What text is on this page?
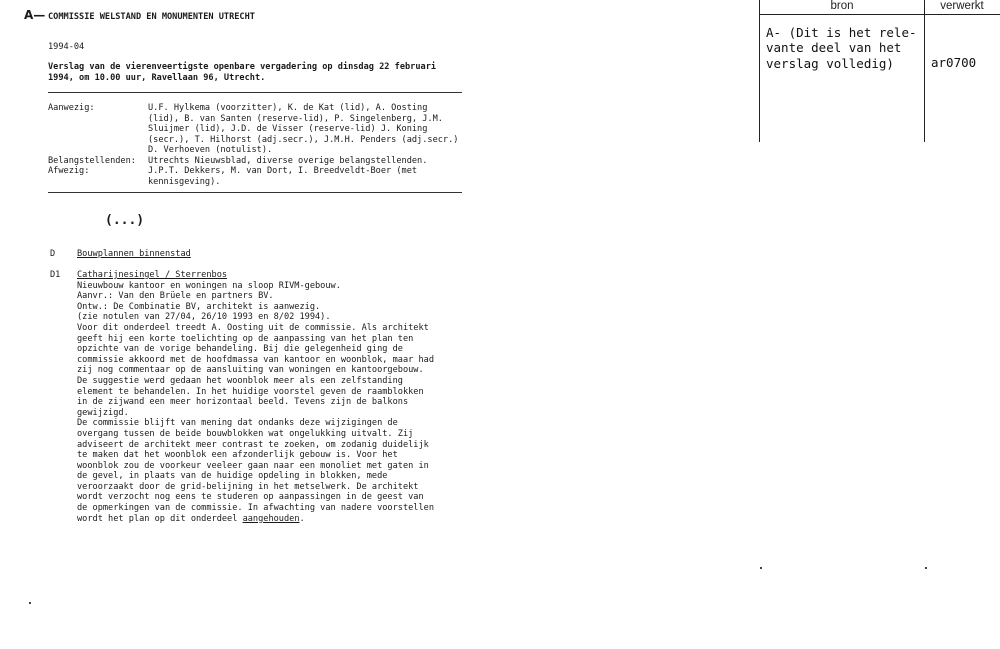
A— COMMISSIE WELSTAND EN MONUMENTEN UTRECHT
1994-04
Verslag van de vierenveertigste openbare vergadering op dinsdag 22 februari
1994, om 10.00 uur, Ravellaan 96, Utrecht.
Aanwezig:	U.F. Hylkema (voorzitter), K. de Kat (lid), A. Oosting
(lid), B. van Santen (reserve-lid), P. Singelenberg, J.M.
Sluijmer (lid), J.D. de Visser (reserve-lid) J. Koning
(secr.), T. Hilhorst (adj.secr.), J.M.H. Penders (adj.secr.)
D. Verhoeven (notulist).
Belangstellenden: Utrechts Nieuwsblad, diverse overige belangstellenden.
Afwezig:	J.P.T. Dekkers, M. van Dort, I. Breedveldt-Boer (met
kennisgeving).
(...)
D	Bouwplannen binnenstad
D1 Catharijnesingel / Sterrenbos
Nieuwbouw kantoor en woningen na sloop RIVM-gebouw.
Aanvr.: Van den Brüele en partners BV.
Ontw.: De Combinatie BV, architekt is aanwezig.
(zie notulen van 27/04, 26/10 1993 en 8/02 1994).
Voor dit onderdeel treedt A. Oosting uit de commissie. Als architekt
geeft hij een korte toelichting op de aanpassing van het plan ten
opzichte van de vorige behandeling. Bij die gelegenheid ging de
commissie akkoord met de hoofdmassa van kantoor en woonblok, maar had
zij nog commentaar op de aansluiting van woningen en kantoorgebouw.
De suggestie werd gedaan het woonblok meer als een zelfstanding
element te behandelen. In het huidige voorstel geven de raamblokken
in de zijwand een meer horizontaal beeld. Tevens zijn de balkons
gewijzigd.
De commissie blijft van mening dat ondanks deze wijzigingen de
overgang tussen de beide bouwblokken wat ongelukking uitvalt. Zij
adviseert de architekt meer contrast te zoeken, om zodanig duidelijk
te maken dat het woonblok een afzonderlijk gebouw is. Voor het
woonblok zou de voorkeur veeleer gaan naar een monoliet met gaten in
de gevel, in plaats van de huidige opdeling in blokken, mede
veroorzaakt door de grid-belijning in het metselwerk. De architekt
wordt verzocht nog eens te studeren op aanpassingen in de geest van
de opmerkingen van de commissie. In afwachting van nadere voorstellen
wordt het plan op dit onderdeel aangehouden.
bron	verwerkt
A- (Dit is het rele-
vante deel van het
verslag volledig)	ar0700
